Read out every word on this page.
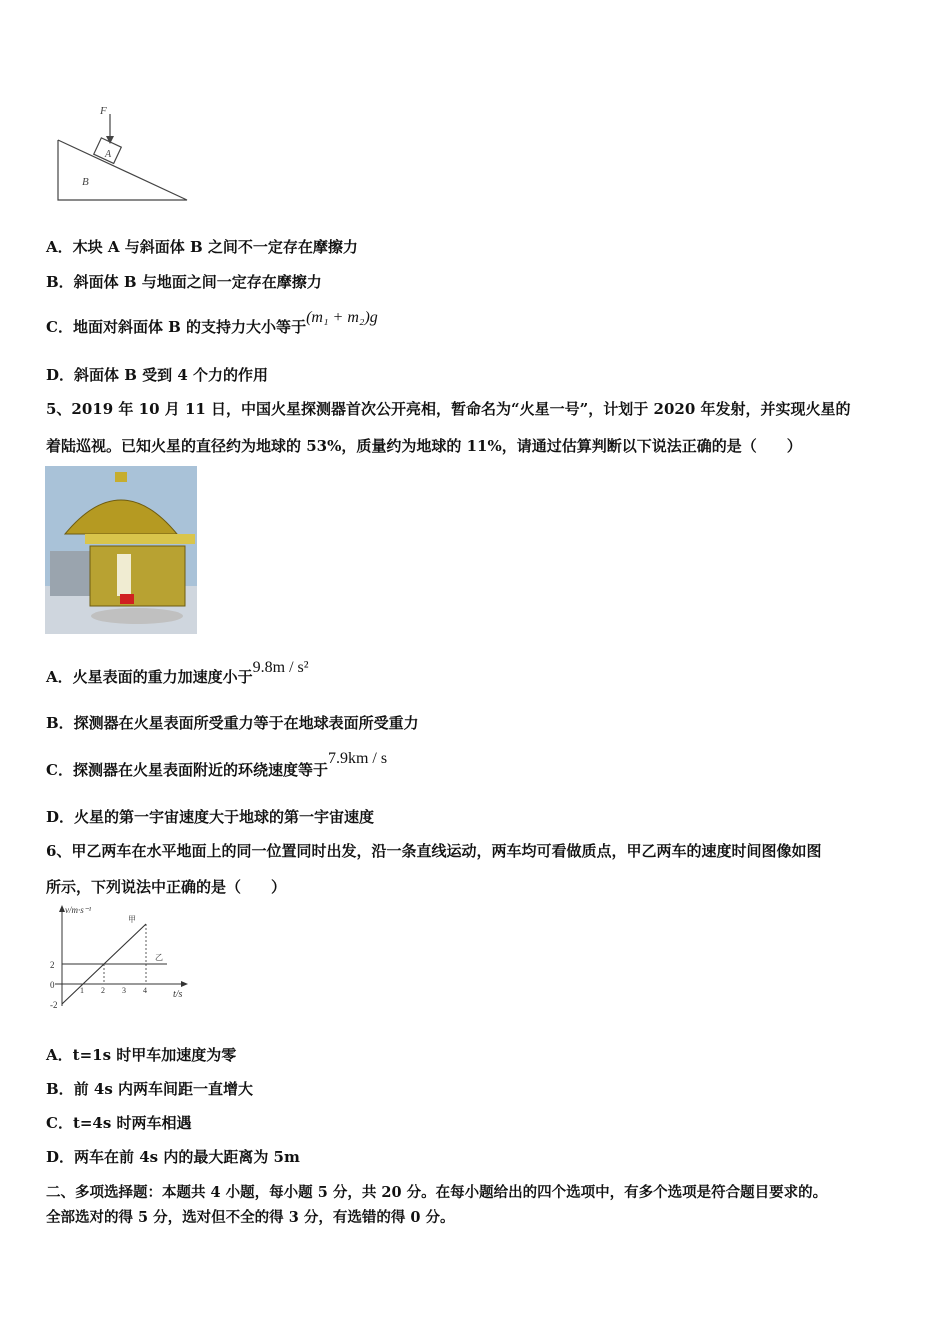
F
A
B
A．木块 A 与斜面体 B 之间不一定存在摩擦力
B．斜面体 B 与地面之间一定存在摩擦力
C．地面对斜面体 B 的支持力大小等于(m₁ + m₂)g
D．斜面体 B 受到 4 个力的作用
5、2019 年 10 月 11 日，中国火星探测器首次公开亮相，暂命名为“火星一号”，计划于 2020 年发射，并实现火星的
着陆巡视。已知火星的直径约为地球的 53%，质量约为地球的 11%，请通过估算判断以下说法正确的是（　　）
A．火星表面的重力加速度小于9.8m / s²
B．探测器在火星表面所受重力等于在地球表面所受重力
C．探测器在火星表面附近的环绕速度等于7.9km / s
D．火星的第一宇宙速度大于地球的第一宇宙速度
6、甲乙两车在水平地面上的同一位置同时出发，沿一条直线运动，两车均可看做质点，甲乙两车的速度时间图像如图
所示，下列说法中正确的是（　　）
v/m·s⁻¹
t/s
1 2 3 4
2
0
-2
甲
乙
A．t=1s 时甲车加速度为零
B．前 4s 内两车间距一直增大
C．t=4s 时两车相遇
D．两车在前 4s 内的最大距离为 5m
二、多项选择题：本题共 4 小题，每小题 5 分，共 20 分。在每小题给出的四个选项中，有多个选项是符合题目要求的。
全部选对的得 5 分，选对但不全的得 3 分，有选错的得 0 分。
